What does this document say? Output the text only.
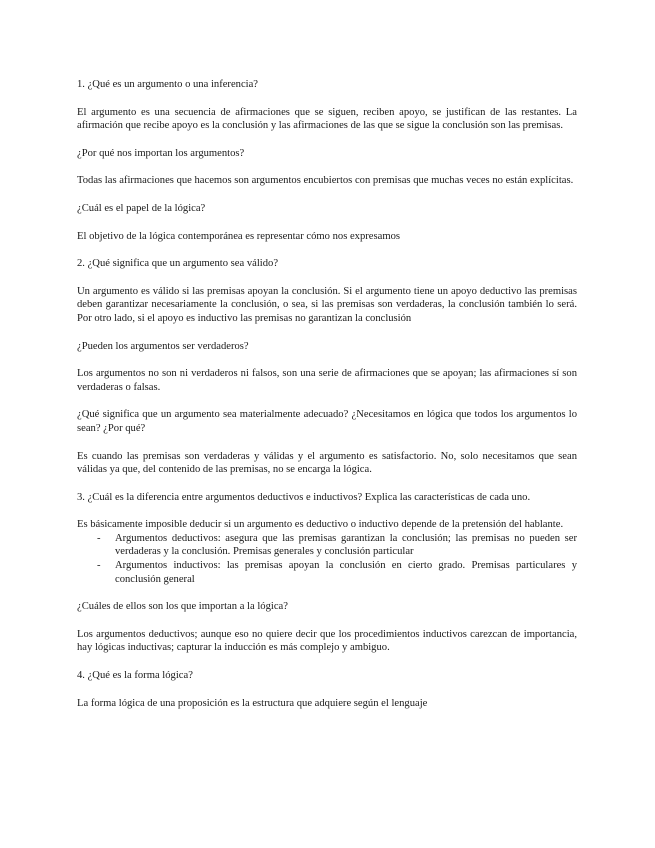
1. ¿Qué es un argumento o una inferencia?
El argumento es una secuencia de afirmaciones que se siguen, reciben apoyo, se justifican de las restantes. La afirmación que recibe apoyo es la conclusión y las afirmaciones de las que se sigue la conclusión son las premisas.
¿Por qué nos importan los argumentos?
Todas las afirmaciones que hacemos son argumentos encubiertos con premisas que muchas veces no están explícitas.
¿Cuál es el papel de la lógica?
El objetivo de la lógica contemporánea es representar cómo nos expresamos
2. ¿Qué significa que un argumento sea válido?
Un argumento es válido si las premisas apoyan la conclusión. Si el argumento tiene un apoyo deductivo las premisas deben garantizar necesariamente la conclusión, o sea, si las premisas son verdaderas, la conclusión también lo será. Por otro lado, si el apoyo es inductivo las premisas no garantizan la conclusión
¿Pueden los argumentos ser verdaderos?
Los argumentos no son ni verdaderos ni falsos, son una serie de afirmaciones que se apoyan; las afirmaciones sí son verdaderas o falsas.
¿Qué significa que un argumento sea materialmente adecuado? ¿Necesitamos en lógica que todos los argumentos lo sean? ¿Por qué?
Es cuando las premisas son verdaderas y válidas y el argumento es satisfactorio. No, solo necesitamos que sean válidas ya que, del contenido de las premisas, no se encarga la lógica.
3. ¿Cuál es la diferencia entre argumentos deductivos e inductivos? Explica las características de cada uno.
Es básicamente imposible deducir si un argumento es deductivo o inductivo depende de la pretensión del hablante.
- Argumentos deductivos: asegura que las premisas garantizan la conclusión; las premisas no pueden ser verdaderas y la conclusión. Premisas generales y conclusión particular
- Argumentos inductivos: las premisas apoyan la conclusión en cierto grado. Premisas particulares y conclusión general
¿Cuáles de ellos son los que importan a la lógica?
Los argumentos deductivos; aunque eso no quiere decir que los procedimientos inductivos carezcan de importancia, hay lógicas inductivas; capturar la inducción es más complejo y ambiguo.
4. ¿Qué es la forma lógica?
La forma lógica de una proposición es la estructura que adquiere según el lenguaje
